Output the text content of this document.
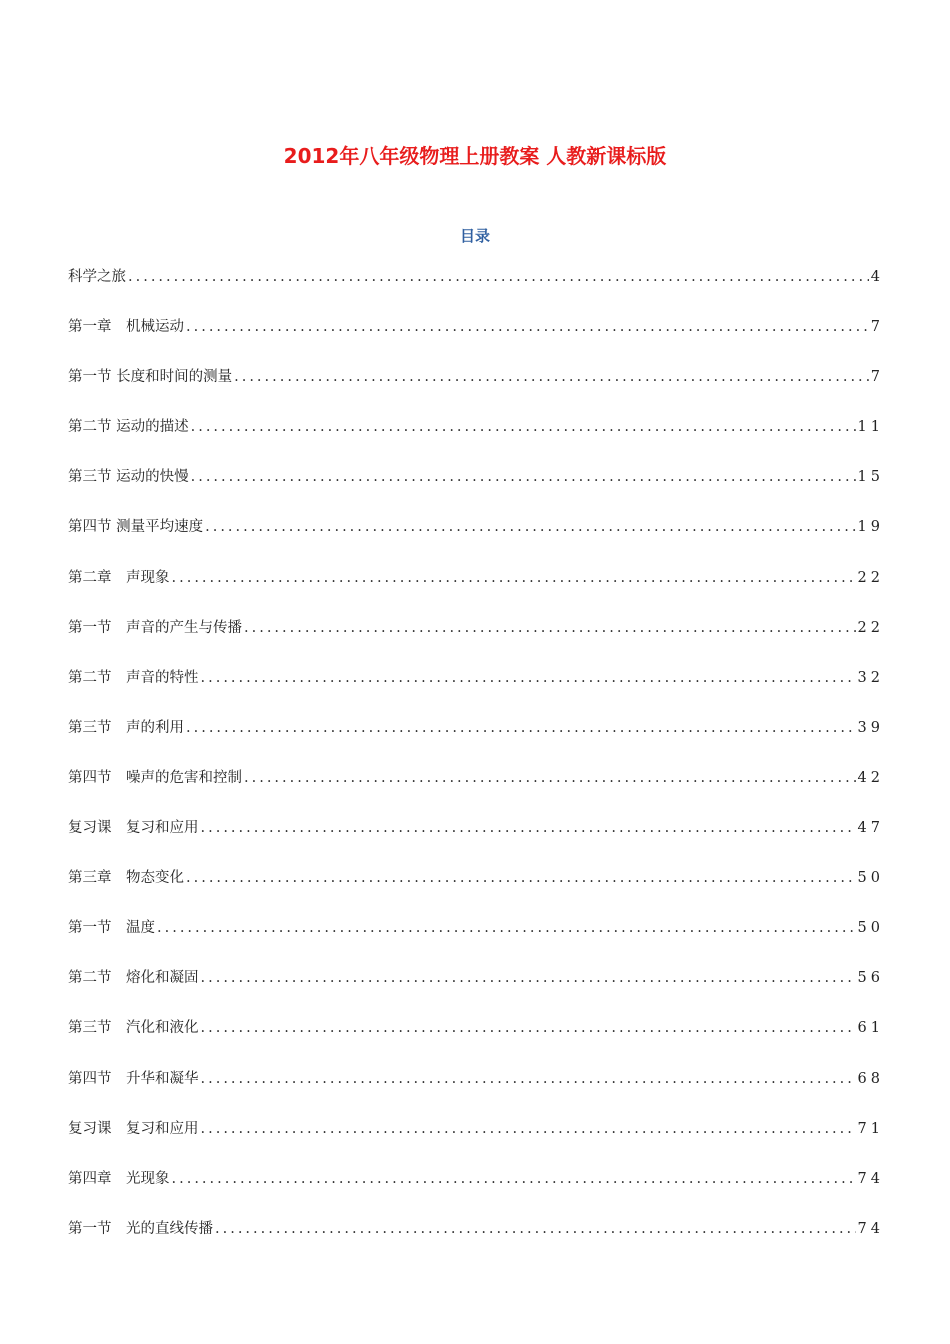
2012年八年级物理上册教案 人教新课标版
目录
科学之旅 .....	4
第一章　机械运动 .....	7
第一节 长度和时间的测量 .....	7
第二节 运动的描述 .....	11
第三节 运动的快慢 .....	15
第四节 测量平均速度 .....	19
第二章　声现象 .....	22
第一节　声音的产生与传播 .....	22
第二节　声音的特性 .....	32
第三节　声的利用 .....	39
第四节　噪声的危害和控制 .....	42
复习课　复习和应用 .....	47
第三章　物态变化 .....	50
第一节　温度 .....	50
第二节　熔化和凝固 .....	56
第三节　汽化和液化 .....	61
第四节　升华和凝华 .....	68
复习课　复习和应用 .....	71
第四章　光现象 .....	74
第一节　光的直线传播 .....	74
